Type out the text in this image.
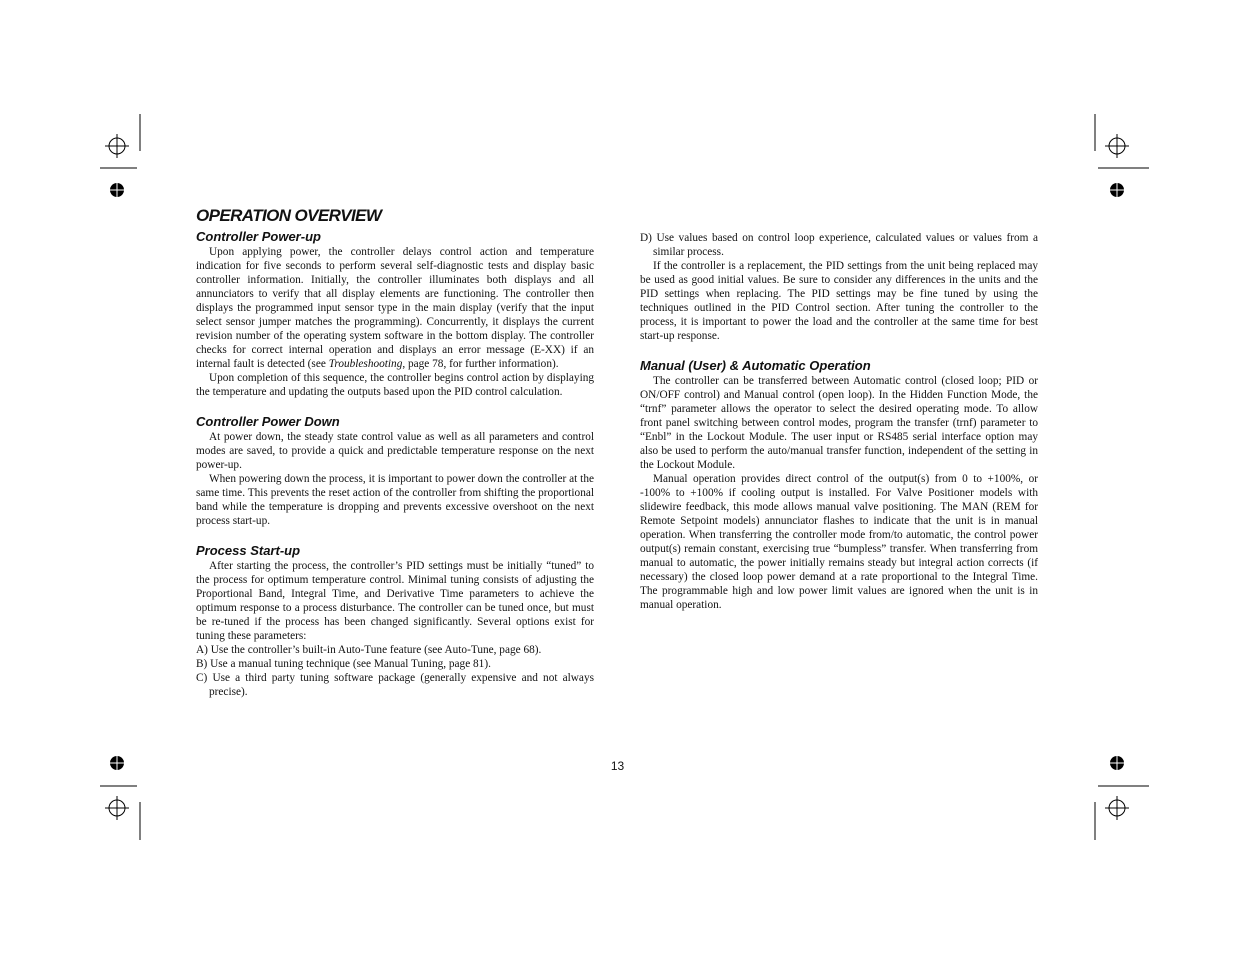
OPERATION OVERVIEW
Controller Power-up

Upon applying power, the controller delays control action and temperature indication for five seconds to perform several self-diagnostic tests and display basic controller information. Initially, the controller illuminates both displays and all annunciators to verify that all display elements are functioning. The controller then displays the programmed input sensor type in the main display (verify that the input select sensor jumper matches the programming). Concurrently, it displays the current revision number of the operating system software in the bottom display. The controller checks for correct internal operation and displays an error message (E-XX) if an internal fault is detected (see Troubleshooting, page 78, for further information).

Upon completion of this sequence, the controller begins control action by displaying the temperature and updating the outputs based upon the PID control calculation.

Controller Power Down

At power down, the steady state control value as well as all parameters and control modes are saved, to provide a quick and predictable temperature response on the next power-up.

When powering down the process, it is important to power down the controller at the same time. This prevents the reset action of the controller from shifting the proportional band while the temperature is dropping and prevents excessive overshoot on the next process start-up.

Process Start-up

After starting the process, the controller’s PID settings must be initially “tuned” to the process for optimum temperature control. Minimal tuning consists of adjusting the Proportional Band, Integral Time, and Derivative Time parameters to achieve the optimum response to a process disturbance. The controller can be tuned once, but must be re-tuned if the process has been changed significantly. Several options exist for tuning these parameters:

A) Use the controller’s built-in Auto-Tune feature (see Auto-Tune, page 68).

B) Use a manual tuning technique (see Manual Tuning, page 81).

C) Use a third party tuning software package (generally expensive and not always precise).

D) Use values based on control loop experience, calculated values or values from a similar process.

If the controller is a replacement, the PID settings from the unit being replaced may be used as good initial values. Be sure to consider any differences in the units and the PID settings when replacing. The PID settings may be fine tuned by using the techniques outlined in the PID Control section. After tuning the controller to the process, it is important to power the load and the controller at the same time for best start-up response.

Manual (User) & Automatic Operation

The controller can be transferred between Automatic control (closed loop; PID or ON/OFF control) and Manual control (open loop). In the Hidden Function Mode, the “trnf” parameter allows the operator to select the desired operating mode. To allow front panel switching between control modes, program the transfer (trnf) parameter to “Enbl” in the Lockout Module. The user input or RS485 serial interface option may also be used to perform the auto/manual transfer function, independent of the setting in the Lockout Module.

Manual operation provides direct control of the output(s) from 0 to +100%, or -100% to +100% if cooling output is installed. For Valve Positioner models with slidewire feedback, this mode allows manual valve positioning. The MAN (REM for Remote Setpoint models) annunciator flashes to indicate that the unit is in manual operation. When transferring the controller mode from/to automatic, the control power output(s) remain constant, exercising true “bumpless” transfer. When transferring from manual to automatic, the power initially remains steady but integral action corrects (if necessary) the closed loop power demand at a rate proportional to the Integral Time. The programmable high and low power limit values are ignored when the unit is in manual operation.

13
